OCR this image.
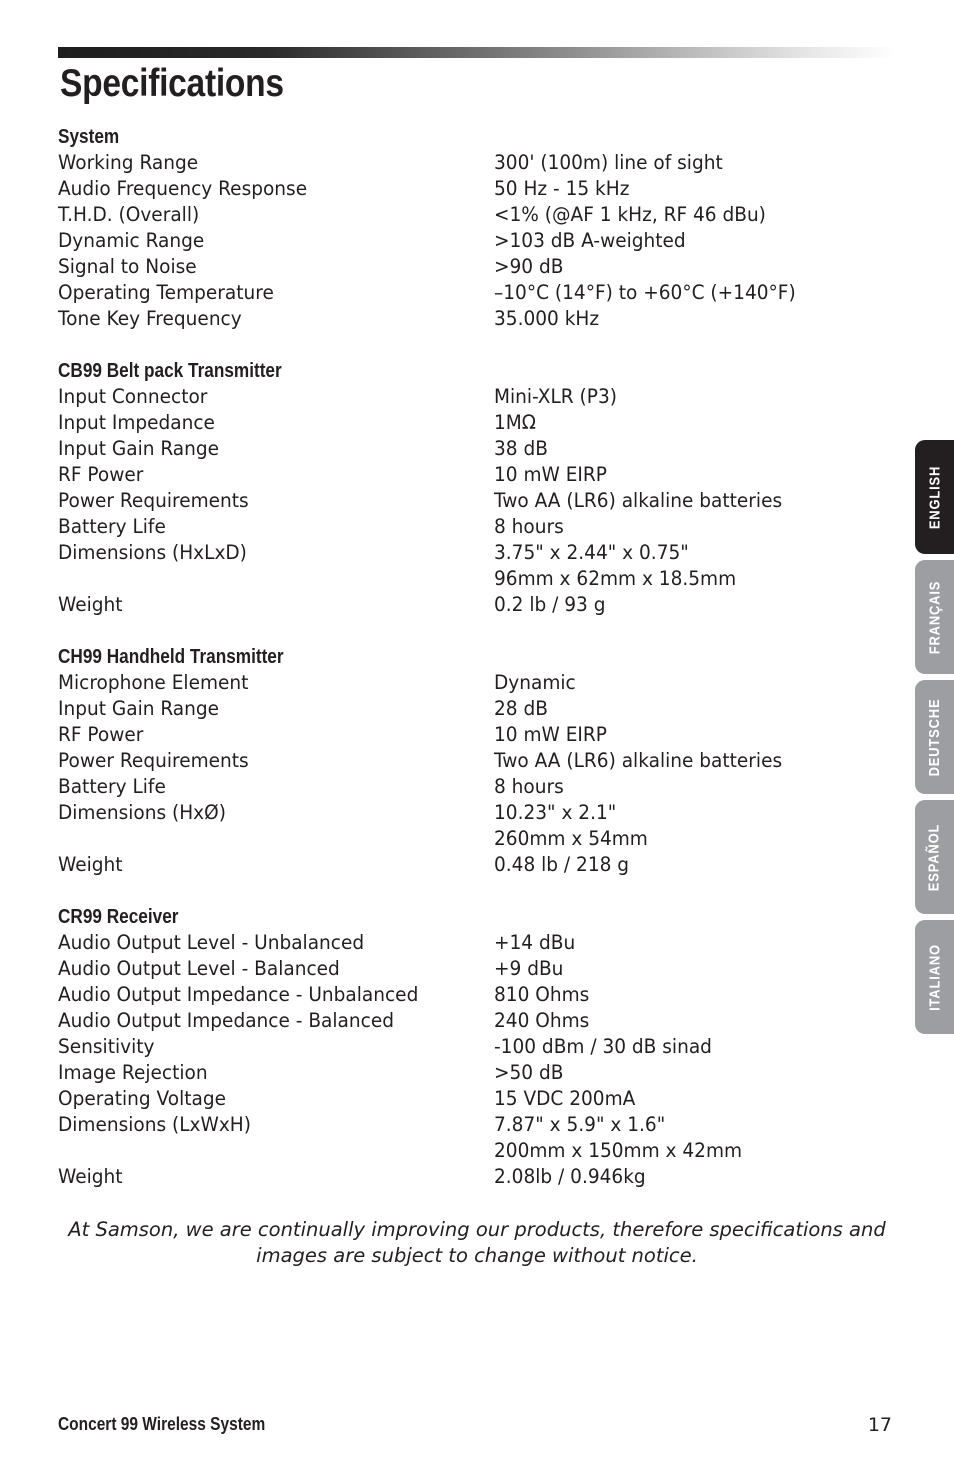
Specifications
System
Working Range	300' (100m) line of sight
Audio Frequency Response	50 Hz - 15 kHz
T.H.D. (Overall)	<1% (@AF 1 kHz, RF 46 dBu)
Dynamic Range	>103 dB A-weighted
Signal to Noise	>90 dB
Operating Temperature	–10°C (14°F) to +60°C (+140°F)
Tone Key Frequency	35.000 kHz
CB99 Belt pack Transmitter
Input Connector	Mini-XLR (P3)
Input Impedance	1MΩ
Input Gain Range	38 dB
RF Power	10 mW EIRP
Power Requirements	Two AA (LR6) alkaline batteries
Battery Life	8 hours
Dimensions (HxLxD)	3.75" x 2.44" x 0.75"
96mm x 62mm x 18.5mm
Weight	0.2 lb / 93 g
CH99 Handheld Transmitter
Microphone Element	Dynamic
Input Gain Range	28 dB
RF Power	10 mW EIRP
Power Requirements	Two AA (LR6) alkaline batteries
Battery Life	8 hours
Dimensions (HxØ)	10.23" x 2.1"
260mm x 54mm
Weight	0.48 lb / 218 g
CR99 Receiver
Audio Output Level - Unbalanced	+14 dBu
Audio Output Level - Balanced	+9 dBu
Audio Output Impedance - Unbalanced	810 Ohms
Audio Output Impedance - Balanced	240 Ohms
Sensitivity	-100 dBm / 30 dB sinad
Image Rejection	>50 dB
Operating Voltage	15 VDC 200mA
Dimensions (LxWxH)	7.87" x 5.9" x 1.6"
200mm x 150mm x 42mm
Weight	2.08lb / 0.946kg

At Samson, we are continually improving our products, therefore specifications and images are subject to change without notice.

Concert 99 Wireless System	17
ENGLISH
FRANÇAIS
DEUTSCHE
ESPAÑOL
ITALIANO
